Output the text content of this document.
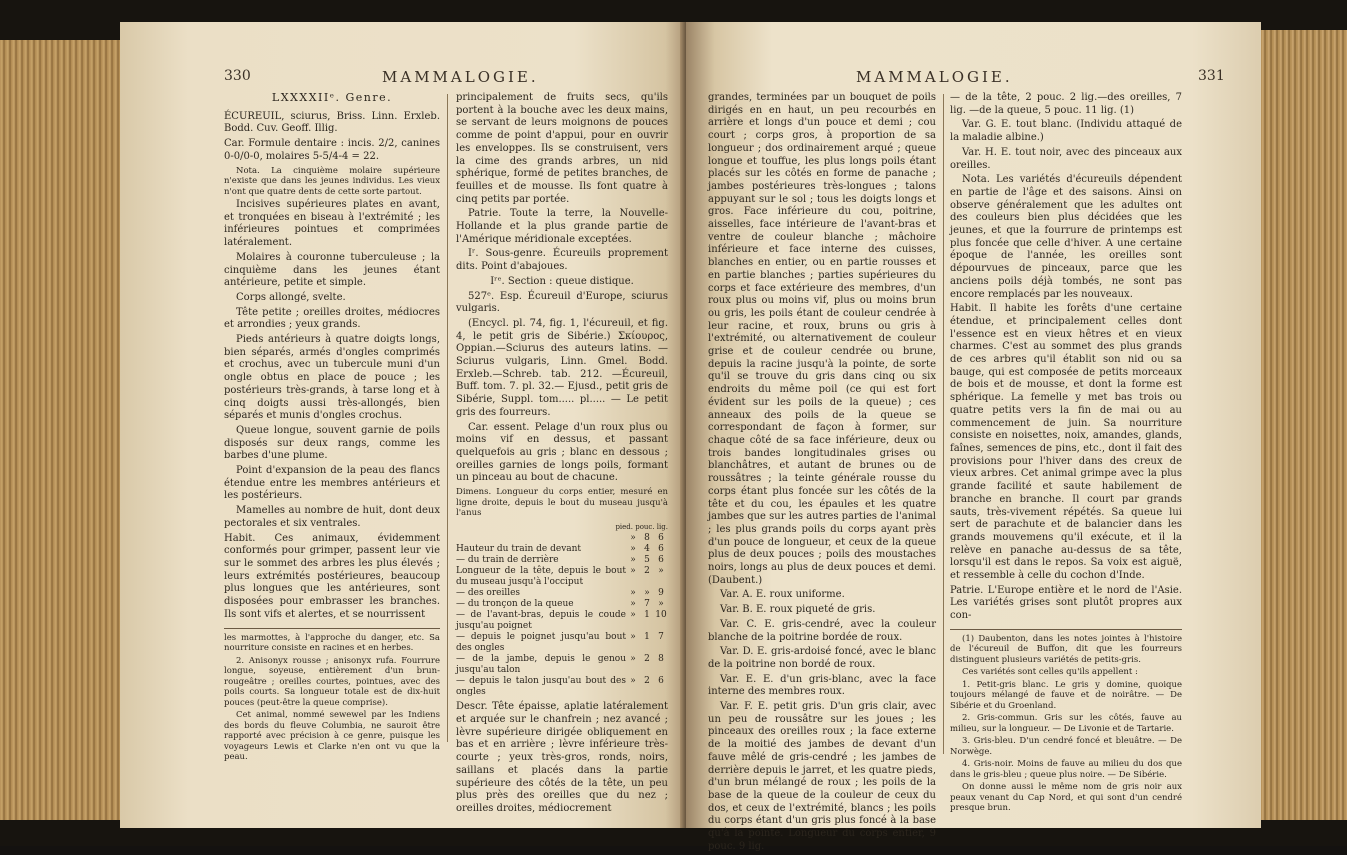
330	MAMMALOGIE.

LXXXXIIᵉ. Genre.

ÉCUREUIL, sciurus, Briss. Linn. Erxleb. Bodd. Cuv. Geoff. Illig.

Car. Formule dentaire : incis. 2/2, canines 0-0/0-0, molaires 5-5/4-4 = 22.

Nota. La cinquième molaire supérieure n'existe que dans les jeunes individus. Les vieux n'ont que quatre dents de cette sorte partout.

Incisives supérieures plates en avant, et tronquées en biseau à l'extrémité ; les inférieures pointues et comprimées latéralement.

Molaires à couronne tuberculeuse ; la cinquième dans les jeunes étant antérieure, petite et simple.

Corps allongé, svelte.

Tête petite ; oreilles droites, médiocres et arrondies ; yeux grands.

Pieds antérieurs à quatre doigts longs, bien séparés, armés d'ongles comprimés et crochus, avec un tubercule muni d'un ongle obtus en place de pouce ; les postérieurs très-grands, à tarse long et à cinq doigts aussi très-allongés, bien séparés et munis d'ongles crochus.

Queue longue, souvent garnie de poils disposés sur deux rangs, comme les barbes d'une plume.

Point d'expansion de la peau des flancs étendue entre les membres antérieurs et les postérieurs.

Mamelles au nombre de huit, dont deux pectorales et six ventrales.

Habit. Ces animaux, évidemment conformés pour grimper, passent leur vie sur le sommet des arbres les plus élevés ; leurs extrémités postérieures, beaucoup plus longues que les antérieures, sont disposées pour embrasser les branches. Ils sont vifs et alertes, et se nourrissent

les marmottes, à l'approche du danger, etc. Sa nourriture consiste en racines et en herbes.

2. Anisonyx rousse ; anisonyx rufa. Fourrure longue, soyeuse, entièrement d'un brun-rougeâtre ; oreilles courtes, pointues, avec des poils courts. Sa longueur totale est de dix-huit pouces (peut-être la queue comprise).

Cet animal, nommé sewewel par les Indiens des bords du fleuve Columbia, ne sauroit être rapporté avec précision à ce genre, puisque les voyageurs Lewis et Clarke n'en ont vu que la peau.

principalement de fruits secs, qu'ils portent à la bouche avec les deux mains, se servant de leurs moignons de pouces comme de point d'appui, pour en ouvrir les enveloppes. Ils se construisent, vers la cime des grands arbres, un nid sphérique, formé de petites branches, de feuilles et de mousse. Ils font quatre à cinq petits par portée.

Patrie. Toute la terre, la Nouvelle-Hollande et la plus grande partie de l'Amérique méridionale exceptées.

Iʳ. Sous-genre. Écureuils proprement dits. Point d'abajoues.

Iʳᵉ. Section : queue distique.

527ᵉ. Esp. Écureuil d'Europe, sciurus vulgaris.

(Encycl. pl. 74, fig. 1, l'écureuil, et fig. 4, le petit gris de Sibérie.) Σκίουρος, Oppian.—Sciurus des auteurs latins. — Sciurus vulgaris, Linn. Gmel. Bodd. Erxleb.—Schreb. tab. 212. —Écureuil, Buff. tom. 7. pl. 32.— Ejusd., petit gris de Sibérie, Suppl. tom..... pl..... — Le petit gris des fourreurs.

Car. essent. Pelage d'un roux plus ou moins vif en dessus, et passant quelquefois au gris ; blanc en dessous ; oreilles garnies de longs poils, formant un pinceau au bout de chacune.

Dimens. Longueur du corps entier, mesuré en ligne droite, depuis le bout du museau jusqu'à l'anus

pied. pouc. lig.
	»	8	6
Hauteur du train de devant	»	4	6
— du train de derrière	»	5	6
Longueur de la tête, depuis le bout du museau jusqu'à l'occiput	»	2	»
— des oreilles	»	»	9
— du tronçon de la queue	»	7	»
— de l'avant-bras, depuis le coude jusqu'au poignet	»	1	10
— depuis le poignet jusqu'au bout des ongles	»	1	7
— de la jambe, depuis le genou jusqu'au talon	»	2	8
— depuis le talon jusqu'au bout des ongles	»	2	6

Descr. Tête épaisse, aplatie latéralement et arquée sur le chanfrein ; nez avancé ; lèvre supérieure dirigée obliquement en bas et en arrière ; lèvre inférieure très-courte ; yeux très-gros, ronds, noirs, saillans et placés dans la partie supérieure des côtés de la tête, un peu plus près des oreilles que du nez ; oreilles droites, médiocrement

MAMMALOGIE.	331

grandes, terminées par un bouquet de poils dirigés en en haut, un peu recourbés en arrière et longs d'un pouce et demi ; cou court ; corps gros, à proportion de sa longueur ; dos ordinairement arqué ; queue longue et touffue, les plus longs poils étant placés sur les côtés en forme de panache ; jambes postérieures très-longues ; talons appuyant sur le sol ; tous les doigts longs et gros. Face inférieure du cou, poitrine, aisselles, face intérieure de l'avant-bras et ventre de couleur blanche ; mâchoire inférieure et face interne des cuisses, blanches en entier, ou en partie rousses et en partie blanches ; parties supérieures du corps et face extérieure des membres, d'un roux plus ou moins vif, plus ou moins brun ou gris, les poils étant de couleur cendrée à leur racine, et roux, bruns ou gris à l'extrémité, ou alternativement de couleur grise et de couleur cendrée ou brune, depuis la racine jusqu'à la pointe, de sorte qu'il se trouve du gris dans cinq ou six endroits du même poil (ce qui est fort évident sur les poils de la queue) ; ces anneaux des poils de la queue se correspondant de façon à former, sur chaque côté de sa face inférieure, deux ou trois bandes longitudinales grises ou blanchâtres, et autant de brunes ou de roussâtres ; la teinte générale rousse du corps étant plus foncée sur les côtés de la tête et du cou, les épaules et les quatre jambes que sur les autres parties de l'animal ; les plus grands poils du corps ayant près d'un pouce de longueur, et ceux de la queue plus de deux pouces ; poils des moustaches noirs, longs au plus de deux pouces et demi. (Daubent.)

Var. A. E. roux uniforme.

Var. B. E. roux piqueté de gris.

Var. C. E. gris-cendré, avec la couleur blanche de la poitrine bordée de roux.

Var. D. E. gris-ardoisé foncé, avec le blanc de la poitrine non bordé de roux.

Var. E. E. d'un gris-blanc, avec la face interne des membres roux.

Var. F. E. petit gris. D'un gris clair, avec un peu de roussâtre sur les joues ; les pinceaux des oreilles roux ; la face externe de la moitié des jambes de devant d'un fauve mêlé de gris-cendré ; les jambes de derrière depuis le jarret, et les quatre pieds, d'un brun mélangé de roux ; les poils de la base de la queue de la couleur de ceux du dos, et ceux de l'extrémité, blancs ; les poils du corps étant d'un gris plus foncé à la base qu'à la pointe. Longueur du corps entier, 9 pouc. 9 lig.

— de la tête, 2 pouc. 2 lig.—des oreilles, 7 lig. —de la queue, 5 pouc. 11 lig. (1)

Var. G. E. tout blanc. (Individu attaqué de la maladie albine.)

Var. H. E. tout noir, avec des pinceaux aux oreilles.

Nota. Les variétés d'écureuils dépendent en partie de l'âge et des saisons. Ainsi on observe généralement que les adultes ont des couleurs bien plus décidées que les jeunes, et que la fourrure de printemps est plus foncée que celle d'hiver. A une certaine époque de l'année, les oreilles sont dépourvues de pinceaux, parce que les anciens poils déjà tombés, ne sont pas encore remplacés par les nouveaux.

Habit. Il habite les forêts d'une certaine étendue, et principalement celles dont l'essence est en vieux hêtres et en vieux charmes. C'est au sommet des plus grands de ces arbres qu'il établit son nid ou sa bauge, qui est composée de petits morceaux de bois et de mousse, et dont la forme est sphérique. La femelle y met bas trois ou quatre petits vers la fin de mai ou au commencement de juin. Sa nourriture consiste en noisettes, noix, amandes, glands, faînes, semences de pins, etc., dont il fait des provisions pour l'hiver dans des creux de vieux arbres. Cet animal grimpe avec la plus grande facilité et saute habilement de branche en branche. Il court par grands sauts, très-vivement répétés. Sa queue lui sert de parachute et de balancier dans les grands mouvemens qu'il exécute, et il la relève en panache au-dessus de sa tête, lorsqu'il est dans le repos. Sa voix est aiguë, et ressemble à celle du cochon d'Inde.

Patrie. L'Europe entière et le nord de l'Asie. Les variétés grises sont plutôt propres aux con-

(1) Daubenton, dans les notes jointes à l'histoire de l'écureuil de Buffon, dit que les fourreurs distinguent plusieurs variétés de petits-gris.

Ces variétés sont celles qu'ils appellent :

1. Petit-gris blanc. Le gris y domine, quoique toujours mélangé de fauve et de noirâtre. — De Sibérie et du Groenland.

2. Gris-commun. Gris sur les côtés, fauve au milieu, sur la longueur. — De Livonie et de Tartarie.

3. Gris-bleu. D'un cendré foncé et bleuâtre. — De Norwège.

4. Gris-noir. Moins de fauve au milieu du dos que dans le gris-bleu ; queue plus noire. — De Sibérie.

On donne aussi le même nom de gris noir aux peaux venant du Cap Nord, et qui sont d'un cendré presque brun.
